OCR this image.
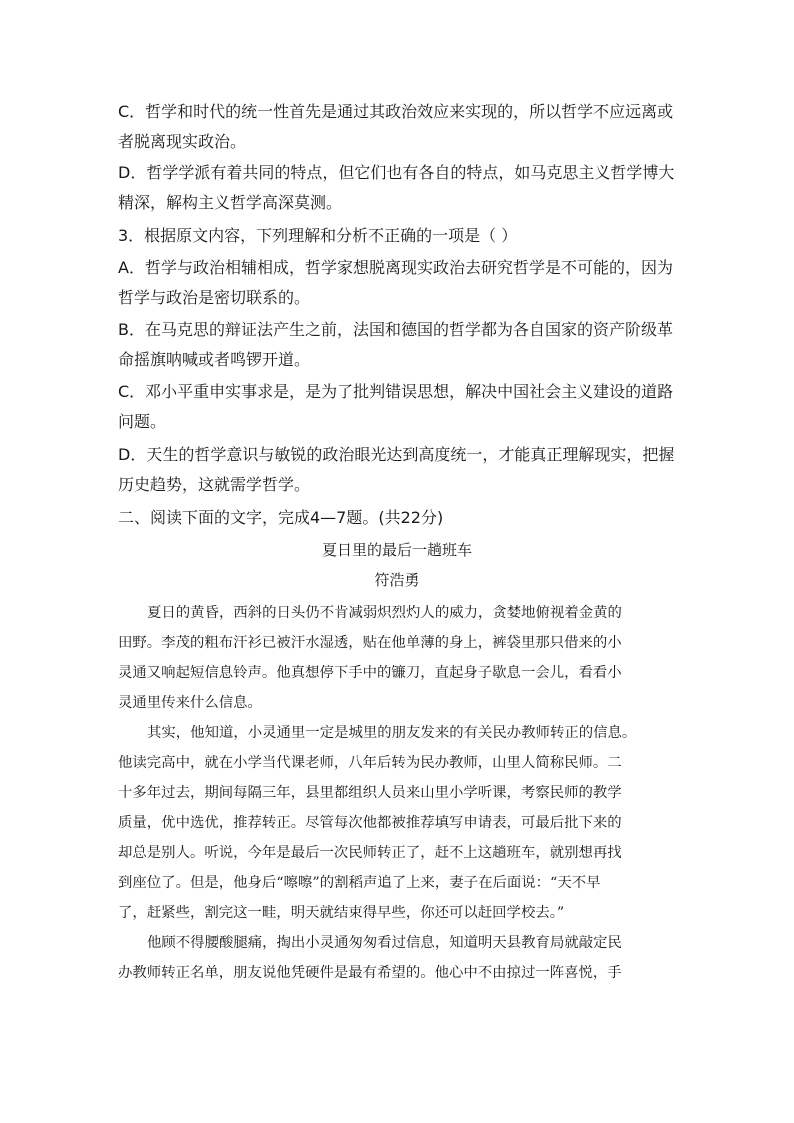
C．哲学和时代的统一性首先是通过其政治效应来实现的，所以哲学不应远离或
者脱离现实政治。
D．哲学学派有着共同的特点，但它们也有各自的特点，如马克思主义哲学博大
精深，解构主义哲学高深莫测。
3．根据原文内容，下列理解和分析不正确的一项是（ ）
A．哲学与政治相辅相成，哲学家想脱离现实政治去研究哲学是不可能的，因为
哲学与政治是密切联系的。
B．在马克思的辩证法产生之前，法国和德国的哲学都为各自国家的资产阶级革
命摇旗呐喊或者鸣锣开道。
C．邓小平重申实事求是，是为了批判错误思想，解决中国社会主义建设的道路
问题。
D．天生的哲学意识与敏锐的政治眼光达到高度统一，才能真正理解现实，把握
历史趋势，这就需学哲学。
二、阅读下面的文字，完成4—7题。(共22分)
夏日里的最后一趟班车
符浩勇
夏日的黄昏，西斜的日头仍不肯减弱炽烈灼人的威力，贪婪地俯视着金黄的
田野。李茂的粗布汗衫已被汗水湿透，贴在他单薄的身上，裤袋里那只借来的小
灵通又响起短信息铃声。他真想停下手中的镰刀，直起身子歇息一会儿，看看小
灵通里传来什么信息。
其实，他知道，小灵通里一定是城里的朋友发来的有关民办教师转正的信息。
他读完高中，就在小学当代课老师，八年后转为民办教师，山里人简称民师。二
十多年过去，期间每隔三年，县里都组织人员来山里小学听课，考察民师的教学
质量，优中选优，推荐转正。尽管每次他都被推荐填写申请表，可最后批下来的
却总是别人。听说，今年是最后一次民师转正了，赶不上这趟班车，就别想再找
到座位了。但是，他身后“嚓嚓”的割稻声追了上来，妻子在后面说：“天不早
了，赶紧些，割完这一畦，明天就结束得早些，你还可以赶回学校去。”
他顾不得腰酸腿痛，掏出小灵通匆匆看过信息，知道明天县教育局就敲定民
办教师转正名单，朋友说他凭硬件是最有希望的。他心中不由掠过一阵喜悦，手
